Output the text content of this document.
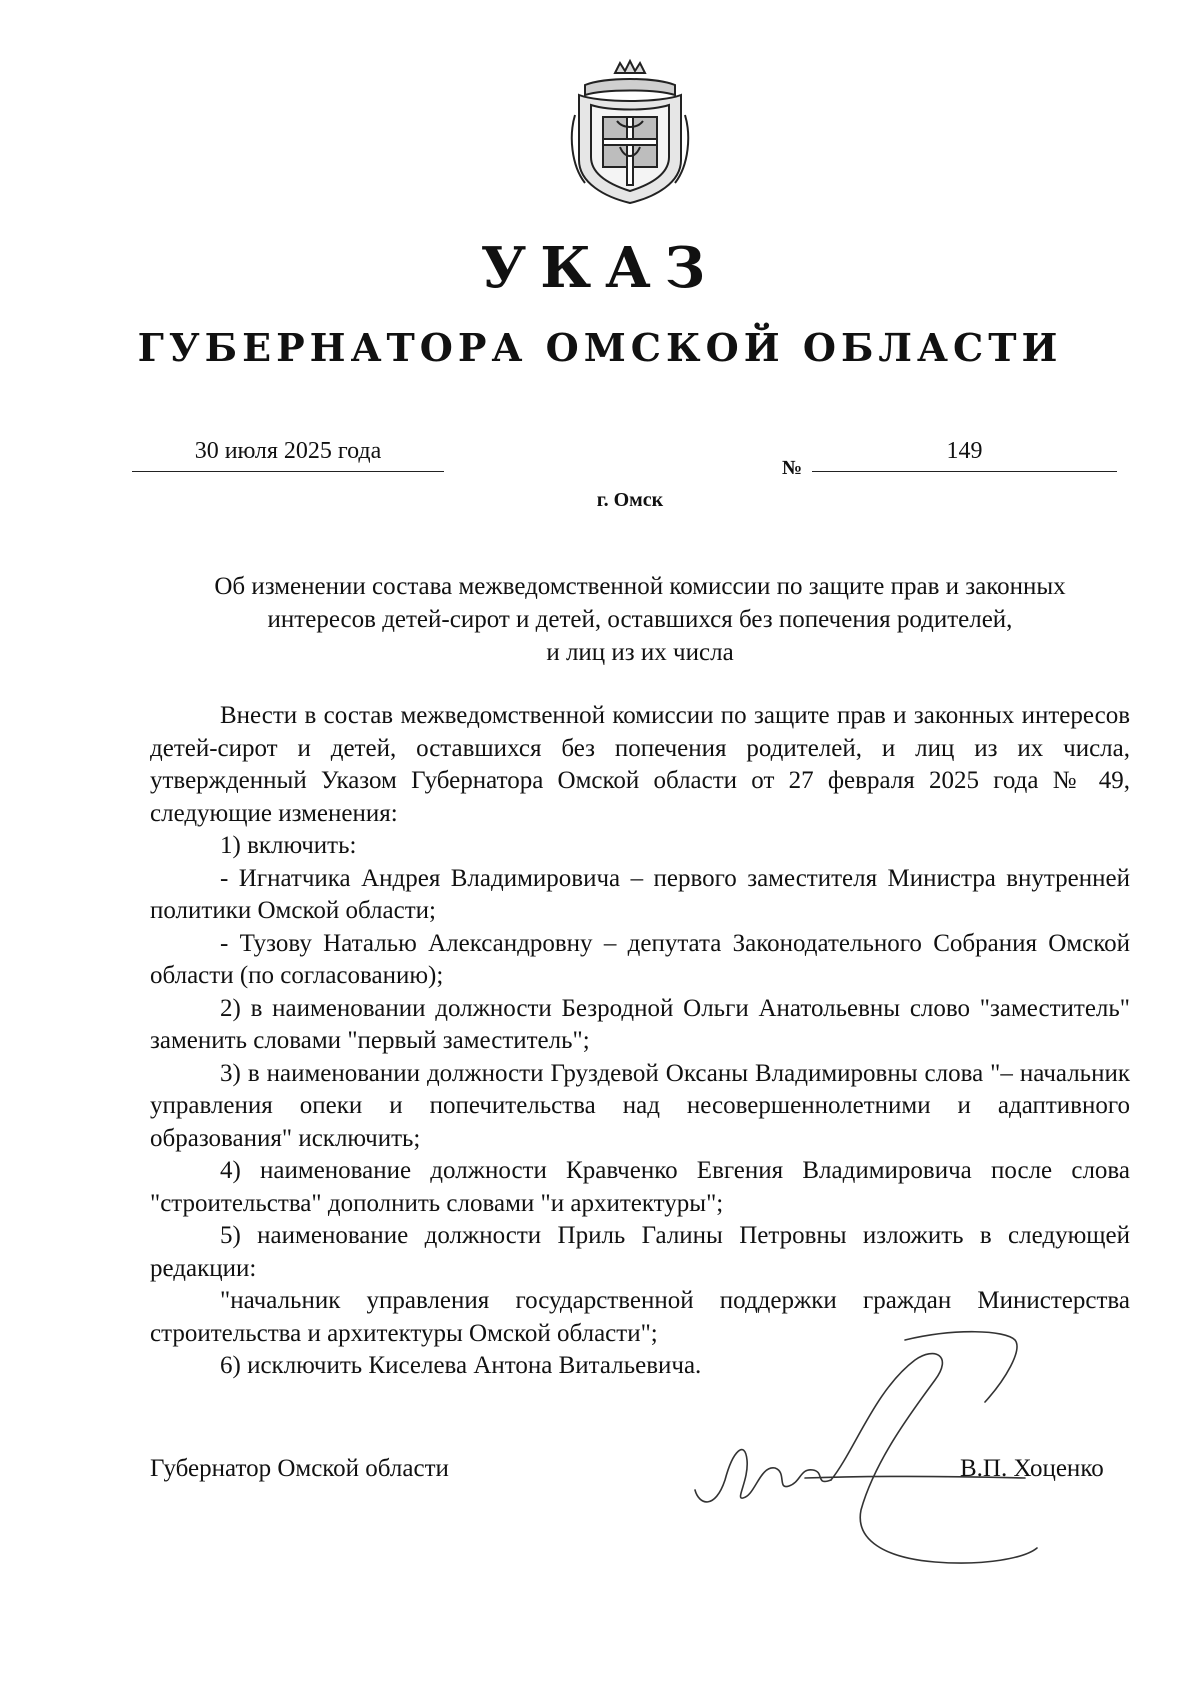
УКАЗ
ГУБЕРНАТОРА ОМСКОЙ ОБЛАСТИ
30 июля 2025 года
№
149
г. Омск
Об изменении состава межведомственной комиссии по защите прав и законных
интересов детей-сирот и детей, оставшихся без попечения родителей,
и лиц из их числа

Внести в состав межведомственной комиссии по защите прав и законных интересов детей-сирот и детей, оставшихся без попечения родителей, и лиц из их числа, утвержденный Указом Губернатора Омской области от 27 февраля 2025 года № 49, следующие изменения:

1) включить:

- Игнатчика Андрея Владимировича – первого заместителя Министра внутренней политики Омской области;

- Тузову Наталью Александровну – депутата Законодательного Собрания Омской области (по согласованию);

2) в наименовании должности Безродной Ольги Анатольевны слово "заместитель" заменить словами "первый заместитель";

3) в наименовании должности Груздевой Оксаны Владимировны слова "– начальник управления опеки и попечительства над несовершеннолетними и адаптивного образования" исключить;

4) наименование должности Кравченко Евгения Владимировича после слова "строительства" дополнить словами "и архитектуры";

5) наименование должности Приль Галины Петровны изложить в следующей редакции:

"начальник управления государственной поддержки граждан Министерства строительства и архитектуры Омской области";

6) исключить Киселева Антона Витальевича.

Губернатор Омской области	В.П. Хоценко
